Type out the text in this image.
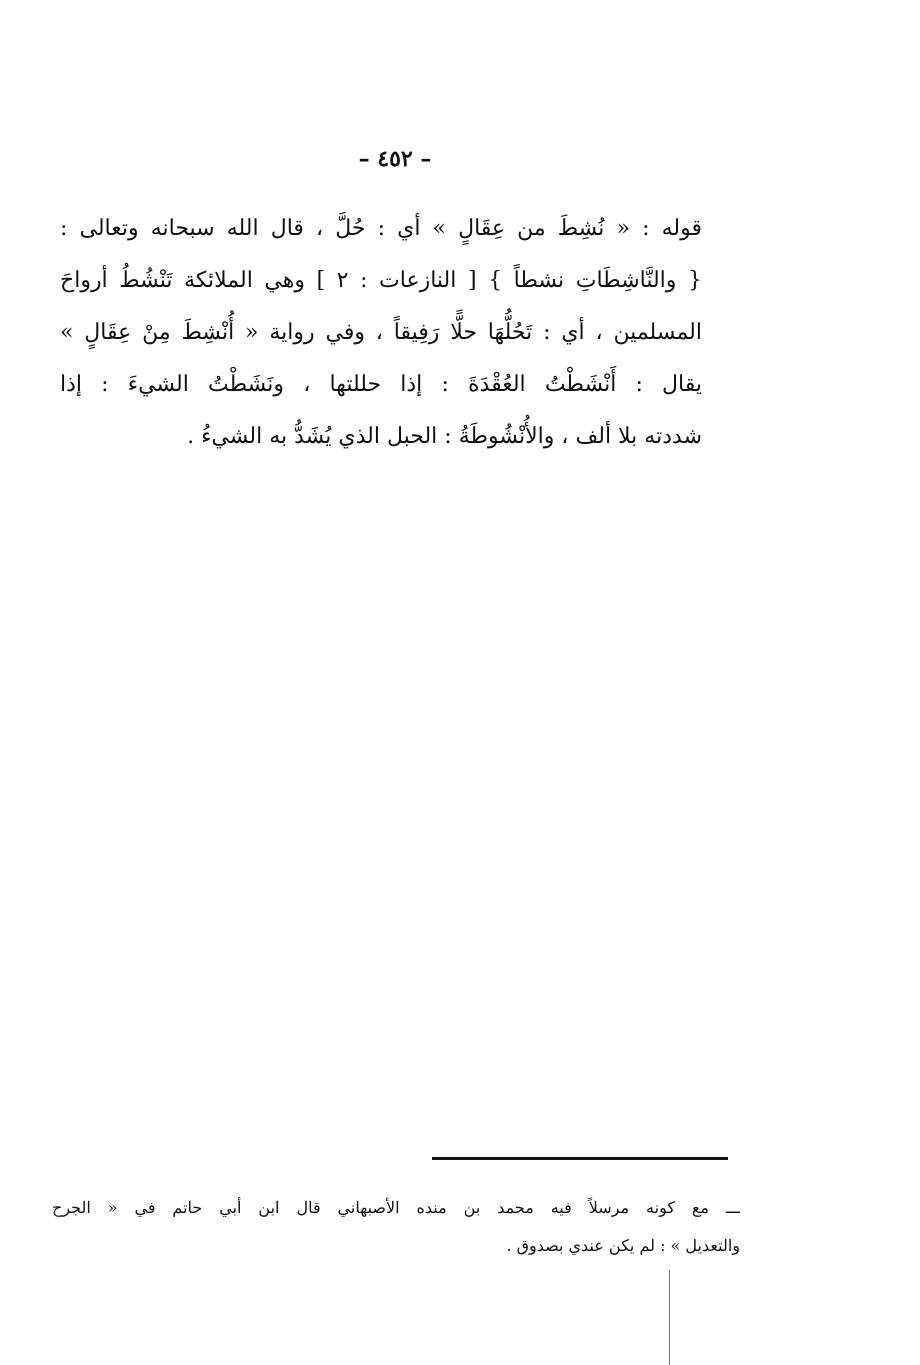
– ٤٥٢ –
قوله : « نُشِطَ من عِقَالٍ » أي : حُلَّ ، قال الله سبحانه وتعالى :
{ والنَّاشِطَاتِ نشطاً } [ النازعات : ٢ ] وهي الملائكة تَنْشُطُ أرواحَ
المسلمين ، أي : تَحُلُّهَا حلًّا رَفِيقاً ، وفي رواية « أُنْشِطَ مِنْ عِقَالٍ »
يقال : أَنْشَطْتُ العُقْدَةَ : إذا حللتها ، ونَشَطْتُ الشيءَ : إذا
شددته بلا ألف ، والأُنْشُوطَةُ : الحبل الذي يُشَدُّ به الشيءُ .
ـــ مع كونه مرسلاً فيه محمد بن منده الأصبهاني قال ابن أبي حاتم في « الجرح
والتعديل » : لم يكن عندي بصدوق .
